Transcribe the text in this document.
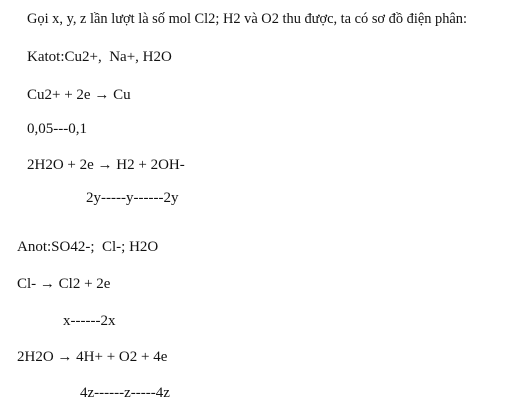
Gọi x, y, z lần lượt là số mol Cl2; H2 và O2 thu được, ta có sơ đồ điện phân:
Katot:Cu2+,  Na+, H2O
Cu2+ + 2e → Cu
0,05---0,1
2H2O + 2e → H2 + 2OH-
2y-----y------2y
Anot:SO42-;  Cl-; H2O
Cl- → Cl2 + 2e
x------2x
2H2O → 4H+ + O2 + 4e
4z------z-----4z
